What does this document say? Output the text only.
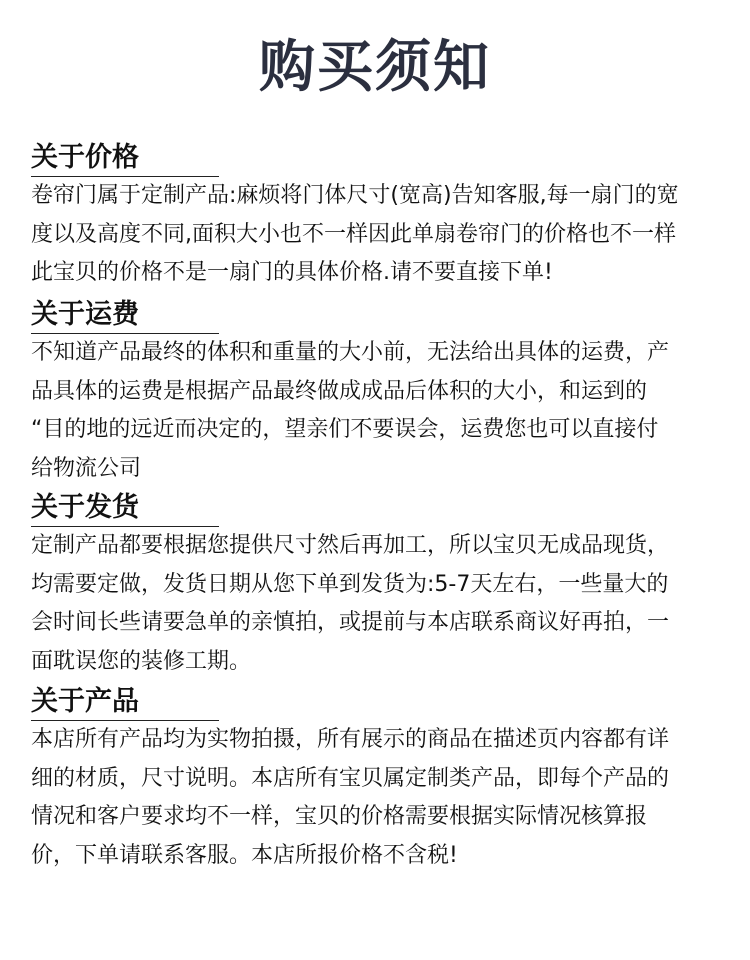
购买须知
关于价格
卷帘门属于定制产品:麻烦将门体尺寸(宽高)告知客服,每一扇门的宽
度以及高度不同,面积大小也不一样因此单扇卷帘门的价格也不一样
此宝贝的价格不是一扇门的具体价格.请不要直接下单!
关于运费
不知道产品最终的体积和重量的大小前，无法给出具体的运费，产
品具体的运费是根据产品最终做成成品后体积的大小，和运到的
“目的地的远近而决定的，望亲们不要误会，运费您也可以直接付
给物流公司
关于发货
定制产品都要根据您提供尺寸然后再加工，所以宝贝无成品现货，
均需要定做，发货日期从您下单到发货为:5-7天左右，一些量大的
会时间长些请要急单的亲慎拍，或提前与本店联系商议好再拍，一
面耽误您的装修工期。
关于产品
本店所有产品均为实物拍摄，所有展示的商品在描述页内容都有详
细的材质，尺寸说明。本店所有宝贝属定制类产品，即每个产品的
情况和客户要求均不一样，宝贝的价格需要根据实际情况核算报
价，下单请联系客服。本店所报价格不含税!
